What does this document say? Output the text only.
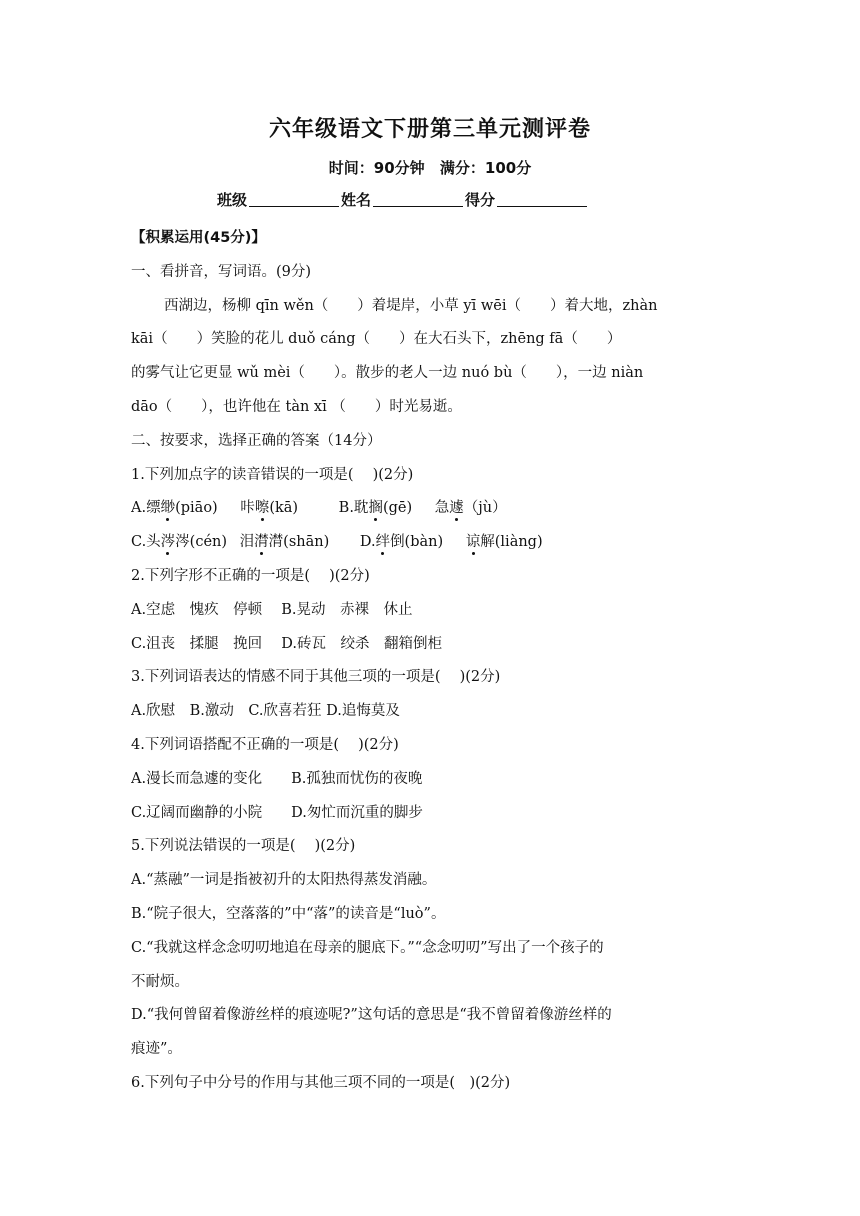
六年级语文下册第三单元测评卷
时间：90分钟 满分：100分
班级	姓名	得分
【积累运用(45分)】
一、看拼音，写词语。(9分)
西湖边，杨柳 qīn wěn（　　）着堤岸，小草 yī wēi（　　）着大地，zhàn
kāi（　　）笑脸的花儿 duǒ cáng（　　）在大石头下，zhēng fā（　　）
的雾气让它更显 wǔ mèi（　　）。散步的老人一边 nuó bù（　　），一边 niàn
dāo（　　），也许他在 tàn xī （　　）时光易逝。
二、按要求，选择正确的答案（14分）
1.下列加点字的读音错误的一项是(　 )(2分)
A.缥缈(piāo) 咔嚓(kā)	B.耽搁(gē) 急遽（jù）
C.头涔涔(cén) 泪潸潸(shān) D.绊倒(bàn) 谅解(liàng)
2.下列字形不正确的一项是(　 )(2分)
A.空虑　愧疚　停顿　 B.晃动　赤裸　休止
C.沮丧　揉腿　挽回　 D.砖瓦　绞杀　翻箱倒柜
3.下列词语表达的情感不同于其他三项的一项是(　 )(2分)
A.欣慰　B.激动　C.欣喜若狂 D.追悔莫及
4.下列词语搭配不正确的一项是(　 )(2分)
A.漫长而急遽的变化　　B.孤独而忧伤的夜晚
C.辽阔而幽静的小院　　D.匆忙而沉重的脚步
5.下列说法错误的一项是(　 )(2分)
A.“蒸融”一词是指被初升的太阳热得蒸发消融。
B.“院子很大，空落落的”中“落”的读音是“luò”。
C.“我就这样念念叨叨地追在母亲的腿底下。”“念念叨叨”写出了一个孩子的
不耐烦。
D.“我何曾留着像游丝样的痕迹呢?”这句话的意思是“我不曾留着像游丝样的
痕迹”。
6.下列句子中分号的作用与其他三项不同的一项是(　)(2分)
